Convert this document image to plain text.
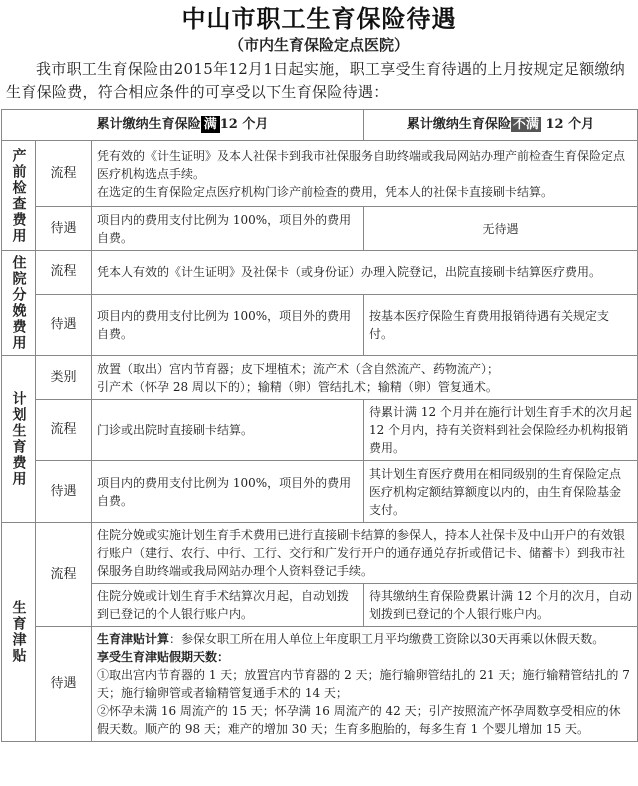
中山市职工生育保险待遇
（市内生育保险定点医院）
我市职工生育保险由2015年12月1日起实施，职工享受生育待遇的上月按规定足额缴纳生育保险费，符合相应条件的可享受以下生育保险待遇：
累计缴纳生育保险 满 12 个月			累计缴纳生育保险 不满 12 个月
产前检查费用	流程	凭有效的《计生证明》及本人社保卡到我市社保服务自助终端或我局网站办理产前检查生育保险定点医疗机构选点手续。

在选定的生育保险定点医疗机构门诊产前检查的费用，凭本人的社保卡直接刷卡结算。	

	待遇	项目内的费用支付比例为 100%，项目外的费用自费。	无待遇
住院分娩费用	流程	凭本人有效的《计生证明》及社保卡（或身份证）办理入院登记，出院直接刷卡结算医疗费用。	
	待遇	项目内的费用支付比例为 100%，项目外的费用自费。	按基本医疗保险生育费用报销待遇有关规定支付。
计划生育费用	类别	放置（取出）宫内节育器；皮下埋植术；流产术（含自然流产、药物流产）；

引产术（怀孕 28 周以下的）；输精（卵）管结扎术；输精（卵）管复通术。	

	流程	门诊或出院时直接刷卡结算。	待累计满 12 个月并在施行计划生育手术的次月起 12 个月内，持有关资料到社会保险经办机构报销费用。
	待遇	项目内的费用支付比例为 100%，项目外的费用自费。	其计划生育医疗费用在相同级别的生育保险定点医疗机构定额结算额度以内的，由生育保险基金支付。
生育津贴	流程	住院分娩或实施计划生育手术费用已进行直接刷卡结算的参保人，持本人社保卡及中山开户的有效银行账户（建行、农行、中行、工行、交行和广发行开户的通存通兑存折或借记卡、储蓄卡）到我市社保服务自助终端或我局网站办理个人资料登记手续。	
		住院分娩或计划生育手术结算次月起，自动划拨到已登记的个人银行账户内。	待其缴纳生育保险费累计满 12 个月的次月，自动划拨到已登记的个人银行账户内。
	待遇	生育津贴计算：参保女职工所在用人单位上年度职工月平均缴费工资除以30天再乘以休假天数。

享受生育津贴假期天数：

①取出宫内节育器的 1 天；放置宫内节育器的 2 天；施行输卵管结扎的 21 天；施行输精管结扎的 7 天；施行输卵管或者输精管复通手术的 14 天；

②怀孕未满 16 周流产的 15 天；怀孕满 16 周流产的 42 天；引产按照流产怀孕周数享受相应的休假天数。顺产的 98 天；难产的增加 30 天；生育多胞胎的，每多生育 1 个婴儿增加 15 天。	
